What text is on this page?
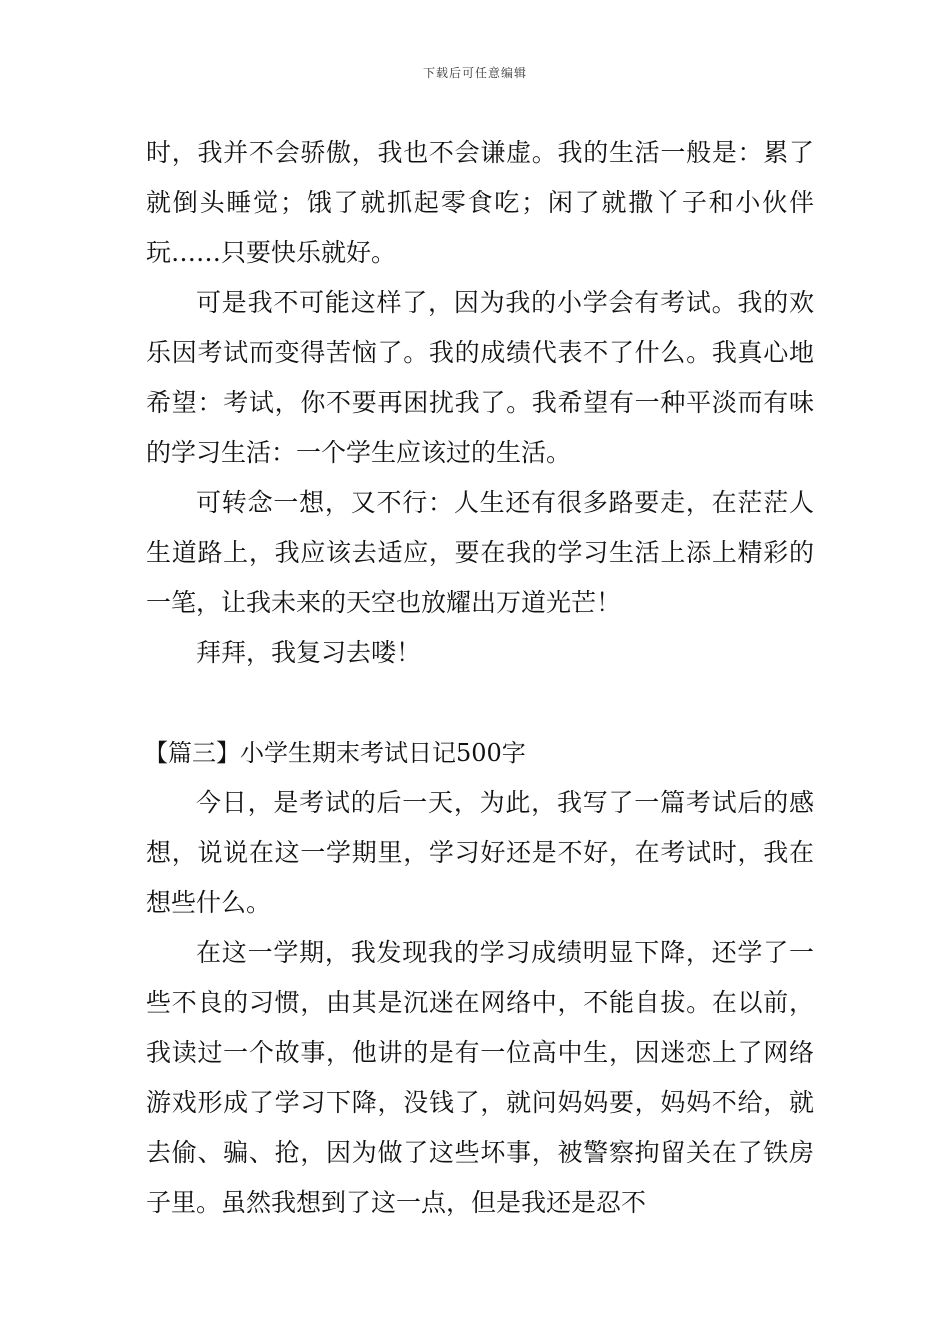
下载后可任意编辑

时，我并不会骄傲，我也不会谦虚。我的生活一般是：累了就倒头睡觉；饿了就抓起零食吃；闲了就撒丫子和小伙伴玩……只要快乐就好。

可是我不可能这样了，因为我的小学会有考试。我的欢乐因考试而变得苦恼了。我的成绩代表不了什么。我真心地希望：考试，你不要再困扰我了。我希望有一种平淡而有味的学习生活：一个学生应该过的生活。

可转念一想，又不行：人生还有很多路要走，在茫茫人生道路上，我应该去适应，要在我的学习生活上添上精彩的一笔，让我未来的天空也放耀出万道光芒！

拜拜，我复习去喽！

【篇三】小学生期末考试日记500字

今日，是考试的后一天，为此，我写了一篇考试后的感想，说说在这一学期里，学习好还是不好，在考试时，我在想些什么。

在这一学期，我发现我的学习成绩明显下降，还学了一些不良的习惯，由其是沉迷在网络中，不能自拔。在以前，我读过一个故事，他讲的是有一位高中生，因迷恋上了网络游戏形成了学习下降，没钱了，就问妈妈要，妈妈不给，就去偷、骗、抢，因为做了这些坏事，被警察拘留关在了铁房子里。虽然我想到了这一点，但是我还是忍不
